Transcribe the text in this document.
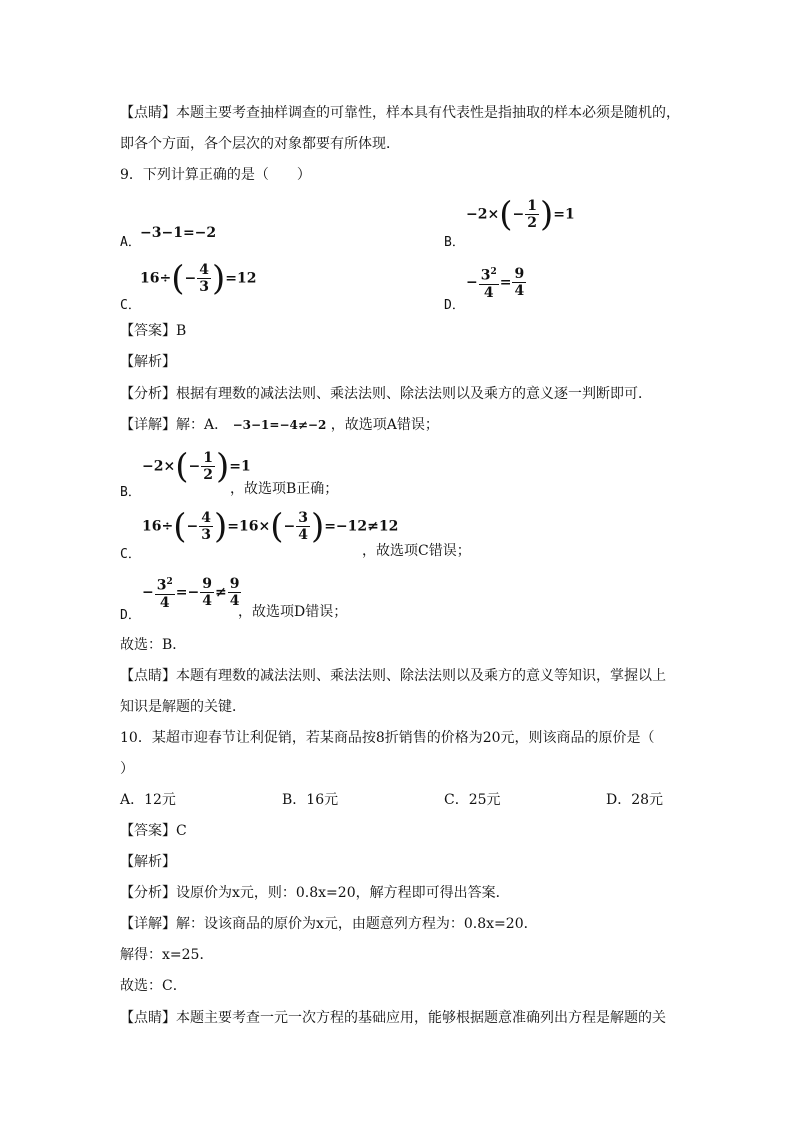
【点睛】本题主要考查抽样调查的可靠性，样本具有代表性是指抽取的样本必须是随机的，
即各个方面，各个层次的对象都要有所体现．
9．下列计算正确的是（　　）
A．
−3−1=−2
B．
$-2\times(- \frac{1}{2} )=1$
C．
$16\div(- \frac{4}{3} )=12$
D．
− $\frac{3^2}{4} = \frac{9}{4}$
【答案】B
【解析】
【分析】根据有理数的减法法则、乘法法则、除法法则以及乘方的意义逐一判断即可．
【详解】解：A． −3−1=−4≠−2 ，故选项A错误；
B．
$-2\times(- \frac{1}{2} )=1$
，故选项B正确；
C．
$16\div(- \frac{4}{3} )=16\times(- \frac{3}{4} )=-12\ne 12$
，故选项C错误；
D．
− $\frac{3^2}{4} =- \frac{9}{4} \ne \frac{9}{4}$
，故选项D错误；
故选：B．
【点睛】本题有理数的减法法则、乘法法则、除法法则以及乘方的意义等知识，掌握以上
知识是解题的关键．
10．某超市迎春节让利促销，若某商品按8折销售的价格为20元，则该商品的原价是（
）
A．12元	B．16元	C．25元	D．28元
【答案】C
【解析】
【分析】设原价为x元，则：0.8x=20，解方程即可得出答案．
【详解】解：设该商品的原价为x元，由题意列方程为：0.8x=20．
解得：x=25．
故选：C．
【点睛】本题主要考查一元一次方程的基础应用，能够根据题意准确列出方程是解题的关
